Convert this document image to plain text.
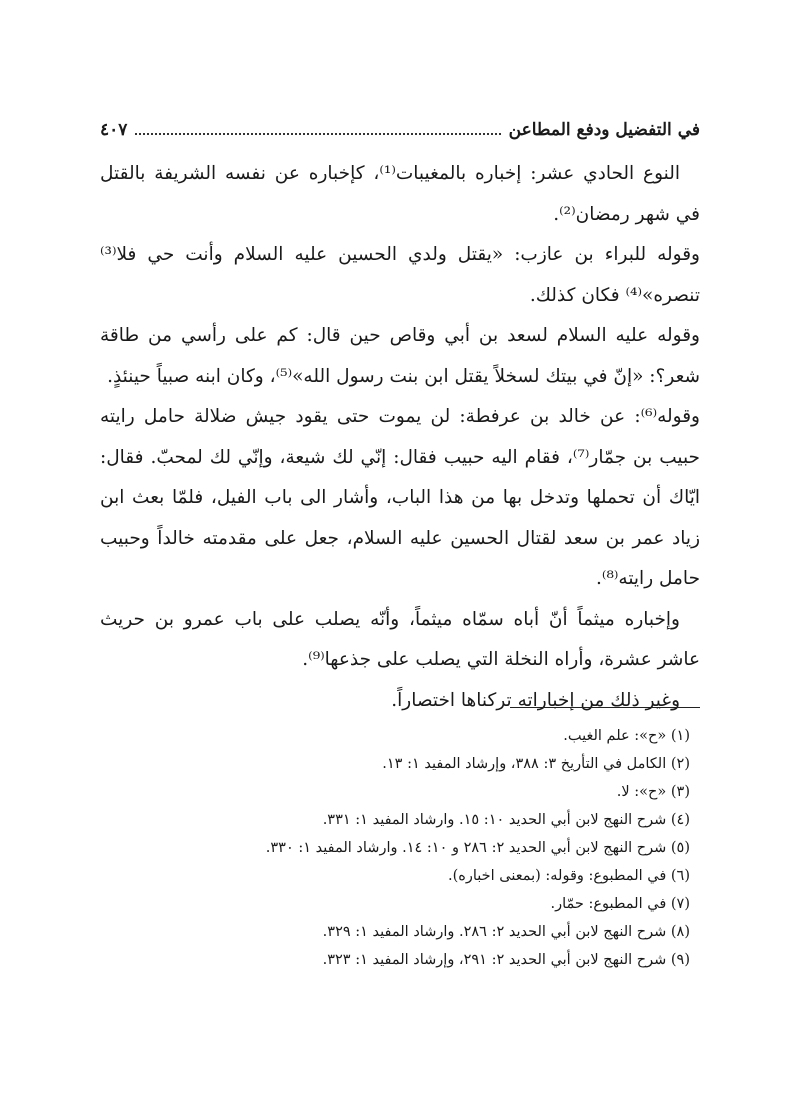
في التفضيل ودفع المطاعن
٤٠٧

النوع الحادي عشر: إخباره بالمغيبات⁽¹⁾، كإخباره عن نفسه الشريفة بالقتل في شهر رمضان⁽²⁾.

وقوله للبراء بن عازب: «يقتل ولدي الحسين عليه السلام وأنت حي فلا⁽³⁾ تنصره»⁽⁴⁾ فكان كذلك.

وقوله عليه السلام لسعد بن أبي وقاص حين قال: كم على رأسي من طاقة شعر؟: «إنّ في بيتك لسخلاً يقتل ابن بنت رسول الله»⁽⁵⁾، وكان ابنه صبياً حينئذٍ.

وقوله⁽⁶⁾: عن خالد بن عرفطة: لن يموت حتى يقود جيش ضلالة حامل رايته حبيب بن جمّار⁽⁷⁾، فقام اليه حبيب فقال: إنّي لك شيعة، وإنّي لك لمحبّ. فقال: ايّاك أن تحملها وتدخل بها من هذا الباب، وأشار الى باب الفيل، فلمّا بعث ابن زياد عمر بن سعد لقتال الحسين عليه السلام، جعل على مقدمته خالداً وحبيب حامل رايته⁽⁸⁾.

وإخباره ميثماً أنّ أباه سمّاه ميثماً، وأنّه يصلب على باب عمرو بن حريث عاشر عشرة، وأراه النخلة التي يصلب على جذعها⁽⁹⁾.

وغير ذلك من إخباراته تركناها اختصاراً.

(١) «ح»: علم الغيب.

(٢) الكامل في التأريخ ٣: ٣٨٨، وإرشاد المفيد ١: ١٣.

(٣) «ح»: لا.

(٤) شرح النهج لابن أبي الحديد ١٠: ١٥. وارشاد المفيد ١: ٣٣١.

(٥) شرح النهج لابن أبي الحديد ٢: ٢٨٦ و ١٠: ١٤. وارشاد المفيد ١: ٣٣٠.

(٦) في المطبوع: وقوله: (بمعنى اخباره).

(٧) في المطبوع: حمّار.

(٨) شرح النهج لابن أبي الحديد ٢: ٢٨٦. وارشاد المفيد ١: ٣٢٩.

(٩) شرح النهج لابن أبي الحديد ٢: ٢٩١، وإرشاد المفيد ١: ٣٢٣.
